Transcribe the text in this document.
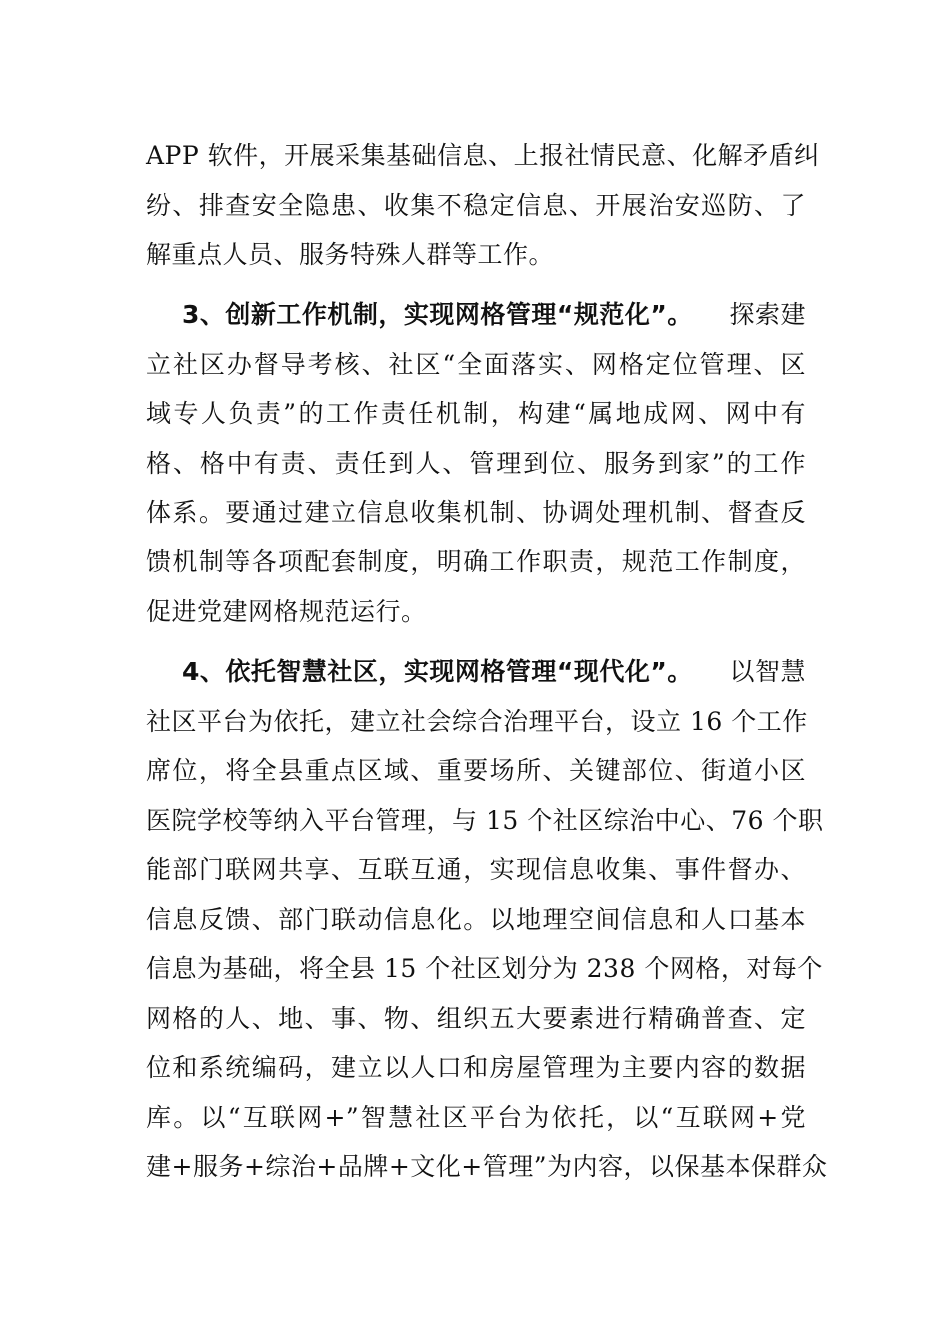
APP 软件，开展采集基础信息、上报社情民意、化解矛盾纠
纷、排查安全隐患、收集不稳定信息、开展治安巡防、了
解重点人员、服务特殊人群等工作。
3、创新工作机制，实现网格管理“规范化”。 探索建
立社区办督导考核、社区“全面落实、网格定位管理、区
域专人负责”的工作责任机制，构建“属地成网、网中有
格、格中有责、责任到人、管理到位、服务到家”的工作
体系。要通过建立信息收集机制、协调处理机制、督查反
馈机制等各项配套制度，明确工作职责，规范工作制度，
促进党建网格规范运行。
4、依托智慧社区，实现网格管理“现代化”。 以智慧
社区平台为依托，建立社会综合治理平台，设立 16 个工作
席位，将全县重点区域、重要场所、关键部位、街道小区
医院学校等纳入平台管理，与 15 个社区综治中心、76 个职
能部门联网共享、互联互通，实现信息收集、事件督办、
信息反馈、部门联动信息化。以地理空间信息和人口基本
信息为基础，将全县 15 个社区划分为 238 个网格，对每个
网格的人、地、事、物、组织五大要素进行精确普查、定
位和系统编码，建立以人口和房屋管理为主要内容的数据
库。以“互联网+”智慧社区平台为依托，以“互联网+党
建+服务+综治+品牌+文化+管理”为内容，以保基本保群众
